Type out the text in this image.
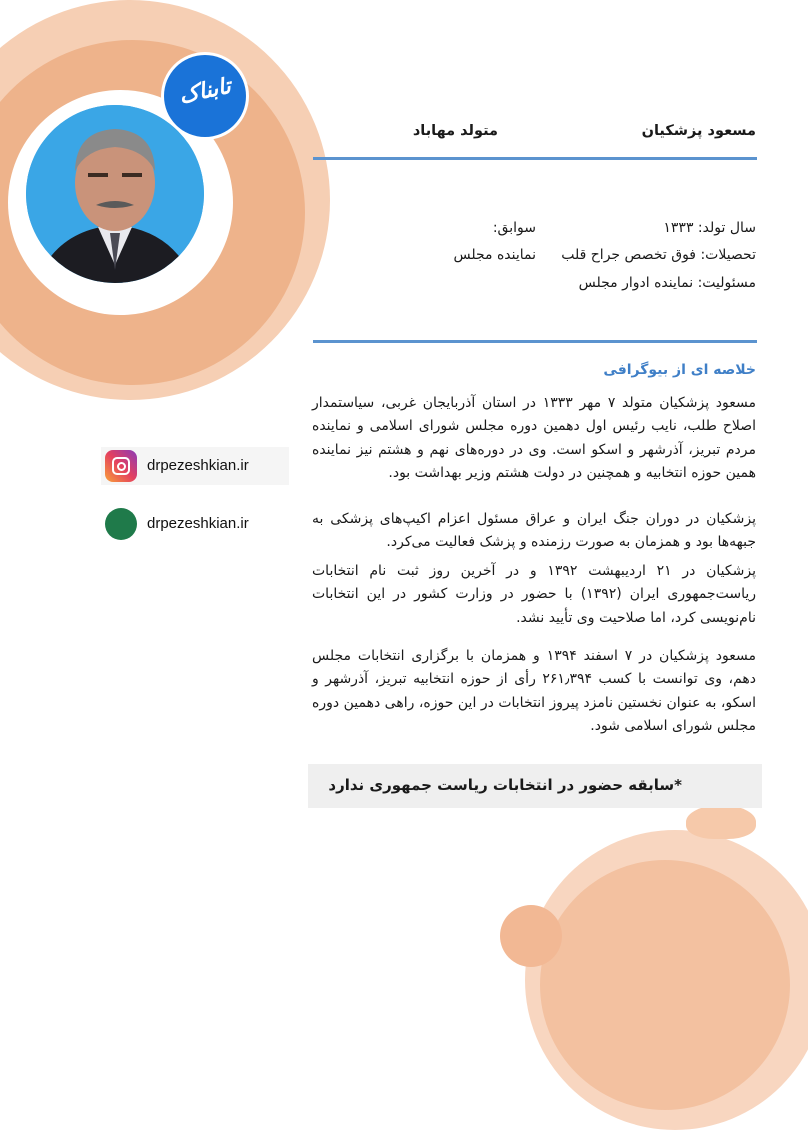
تابناک
مسعود پزشکیان
متولد مهاباد
سال تولد: ۱۳۳۳
سوابق:
تحصیلات: فوق تخصص جراح قلب
نماینده مجلس
مسئولیت: نماینده ادوار مجلس
خلاصه ای از بیوگرافی
مسعود پزشکیان متولد ۷ مهر ۱۳۳۳ در استان آذربایجان غربی، سیاستمدار اصلاح طلب، نایب رئیس اول دهمین دوره مجلس شورای اسلامی و نماینده مردم تبریز، آذرشهر و اسکو است. وی در دوره‌های نهم و هشتم نیز نماینده همین حوزه انتخابیه و همچنین در دولت هشتم وزیر بهداشت بود.
پزشکیان در دوران جنگ ایران و عراق مسئول اعزام اکیپ‌های پزشکی به جبهه‌ها بود و همزمان به صورت رزمنده و پزشک فعالیت می‌کرد.
پزشکیان در ۲۱ اردیبهشت ۱۳۹۲ و در آخرین روز ثبت نام انتخابات ریاست‌جمهوری ایران (۱۳۹۲) با حضور در وزارت کشور در این انتخابات نام‌نویسی کرد، اما صلاحیت وی تأیید نشد.
مسعود پزشکیان در ۷ اسفند ۱۳۹۴ و همزمان با برگزاری انتخابات مجلس دهم، وی توانست با کسب ۲۶۱٫۳۹۴ رأی از حوزه انتخابیه تبریز، آذرشهر و اسکو، به عنوان نخستین نامزد پیروز انتخابات در این حوزه، راهی دهمین دوره مجلس شورای اسلامی شود.
*سابقه حضور در انتخابات ریاست جمهوری ندارد
drpezeshkian.ir
drpezeshkian.ir
